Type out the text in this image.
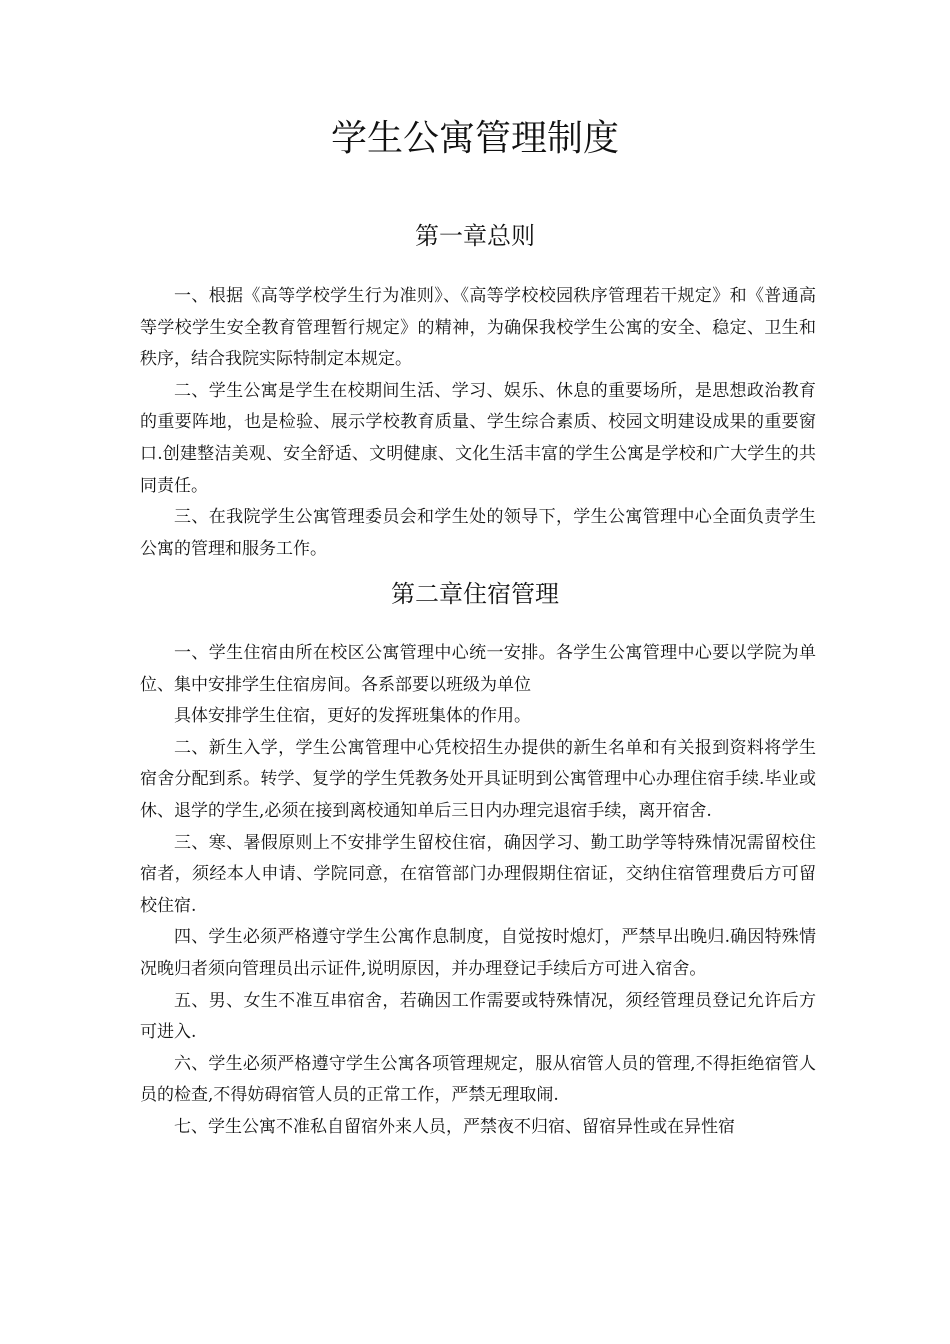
学生公寓管理制度
第一章总则

一、根据《高等学校学生行为准则》、《高等学校校园秩序管理若干规定》和《普通高等学校学生安全教育管理暂行规定》的精神，为确保我校学生公寓的安全、稳定、卫生和秩序，结合我院实际特制定本规定。

二、学生公寓是学生在校期间生活、学习、娱乐、休息的重要场所，是思想政治教育的重要阵地，也是检验、展示学校教育质量、学生综合素质、校园文明建设成果的重要窗口.创建整洁美观、安全舒适、文明健康、文化生活丰富的学生公寓是学校和广大学生的共同责任。

三、在我院学生公寓管理委员会和学生处的领导下，学生公寓管理中心全面负责学生公寓的管理和服务工作。

第二章住宿管理

一、学生住宿由所在校区公寓管理中心统一安排。各学生公寓管理中心要以学院为单位、集中安排学生住宿房间。各系部要以班级为单位

具体安排学生住宿，更好的发挥班集体的作用。

二、新生入学，学生公寓管理中心凭校招生办提供的新生名单和有关报到资料将学生宿舍分配到系。转学、复学的学生凭教务处开具证明到公寓管理中心办理住宿手续.毕业或休、退学的学生,必须在接到离校通知单后三日内办理完退宿手续，离开宿舍.

三、寒、暑假原则上不安排学生留校住宿，确因学习、勤工助学等特殊情况需留校住宿者，须经本人申请、学院同意，在宿管部门办理假期住宿证，交纳住宿管理费后方可留校住宿.

四、学生必须严格遵守学生公寓作息制度，自觉按时熄灯，严禁早出晚归.确因特殊情况晚归者须向管理员出示证件,说明原因，并办理登记手续后方可进入宿舍。

五、男、女生不准互串宿舍，若确因工作需要或特殊情况，须经管理员登记允许后方可进入.

六、学生必须严格遵守学生公寓各项管理规定，服从宿管人员的管理,不得拒绝宿管人员的检查,不得妨碍宿管人员的正常工作，严禁无理取闹.

七、学生公寓不准私自留宿外来人员，严禁夜不归宿、留宿异性或在异性宿
